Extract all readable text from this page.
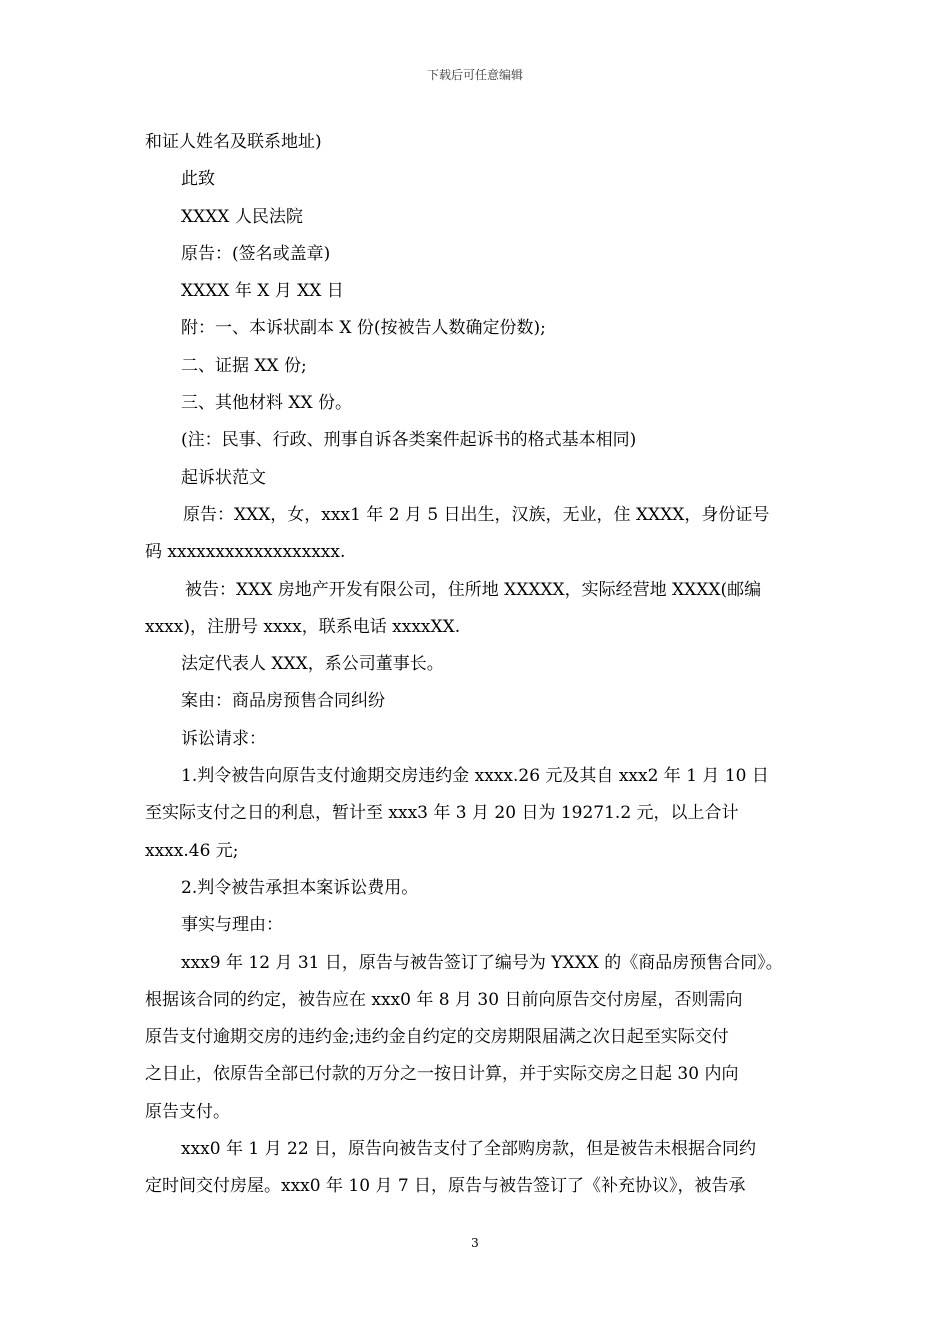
下载后可任意编辑
和证人姓名及联系地址)
此致
XXXX 人民法院
原告：(签名或盖章)
XXXX 年 X 月 XX 日
附：一、本诉状副本 X 份(按被告人数确定份数);
二、证据 XX 份;
三、其他材料 XX 份。
(注：民事、行政、刑事自诉各类案件起诉书的格式基本相同)
起诉状范文
原告：XXX，女，xxx1 年 2 月 5 日出生，汉族，无业，住 XXXX，身份证号
码 xxxxxxxxxxxxxxxxxx.
被告：XXX 房地产开发有限公司，住所地 XXXXX，实际经营地 XXXX(邮编
xxxx)，注册号 xxxx，联系电话 xxxxXX.
法定代表人 XXX，系公司董事长。
案由：商品房预售合同纠纷
诉讼请求：
1.判令被告向原告支付逾期交房违约金 xxxx.26 元及其自 xxx2 年 1 月 10 日
至实际支付之日的利息，暂计至 xxx3 年 3 月 20 日为 19271.2 元，以上合计
xxxx.46 元;
2.判令被告承担本案诉讼费用。
事实与理由：
xxx9 年 12 月 31 日，原告与被告签订了编号为 YXXX 的《商品房预售合同》。
根据该合同的约定，被告应在 xxx0 年 8 月 30 日前向原告交付房屋，否则需向
原告支付逾期交房的违约金;违约金自约定的交房期限届满之次日起至实际交付
之日止，依原告全部已付款的万分之一按日计算，并于实际交房之日起 30 内向
原告支付。
xxx0 年 1 月 22 日，原告向被告支付了全部购房款，但是被告未根据合同约
定时间交付房屋。xxx0 年 10 月 7 日，原告与被告签订了《补充协议》，被告承
3
